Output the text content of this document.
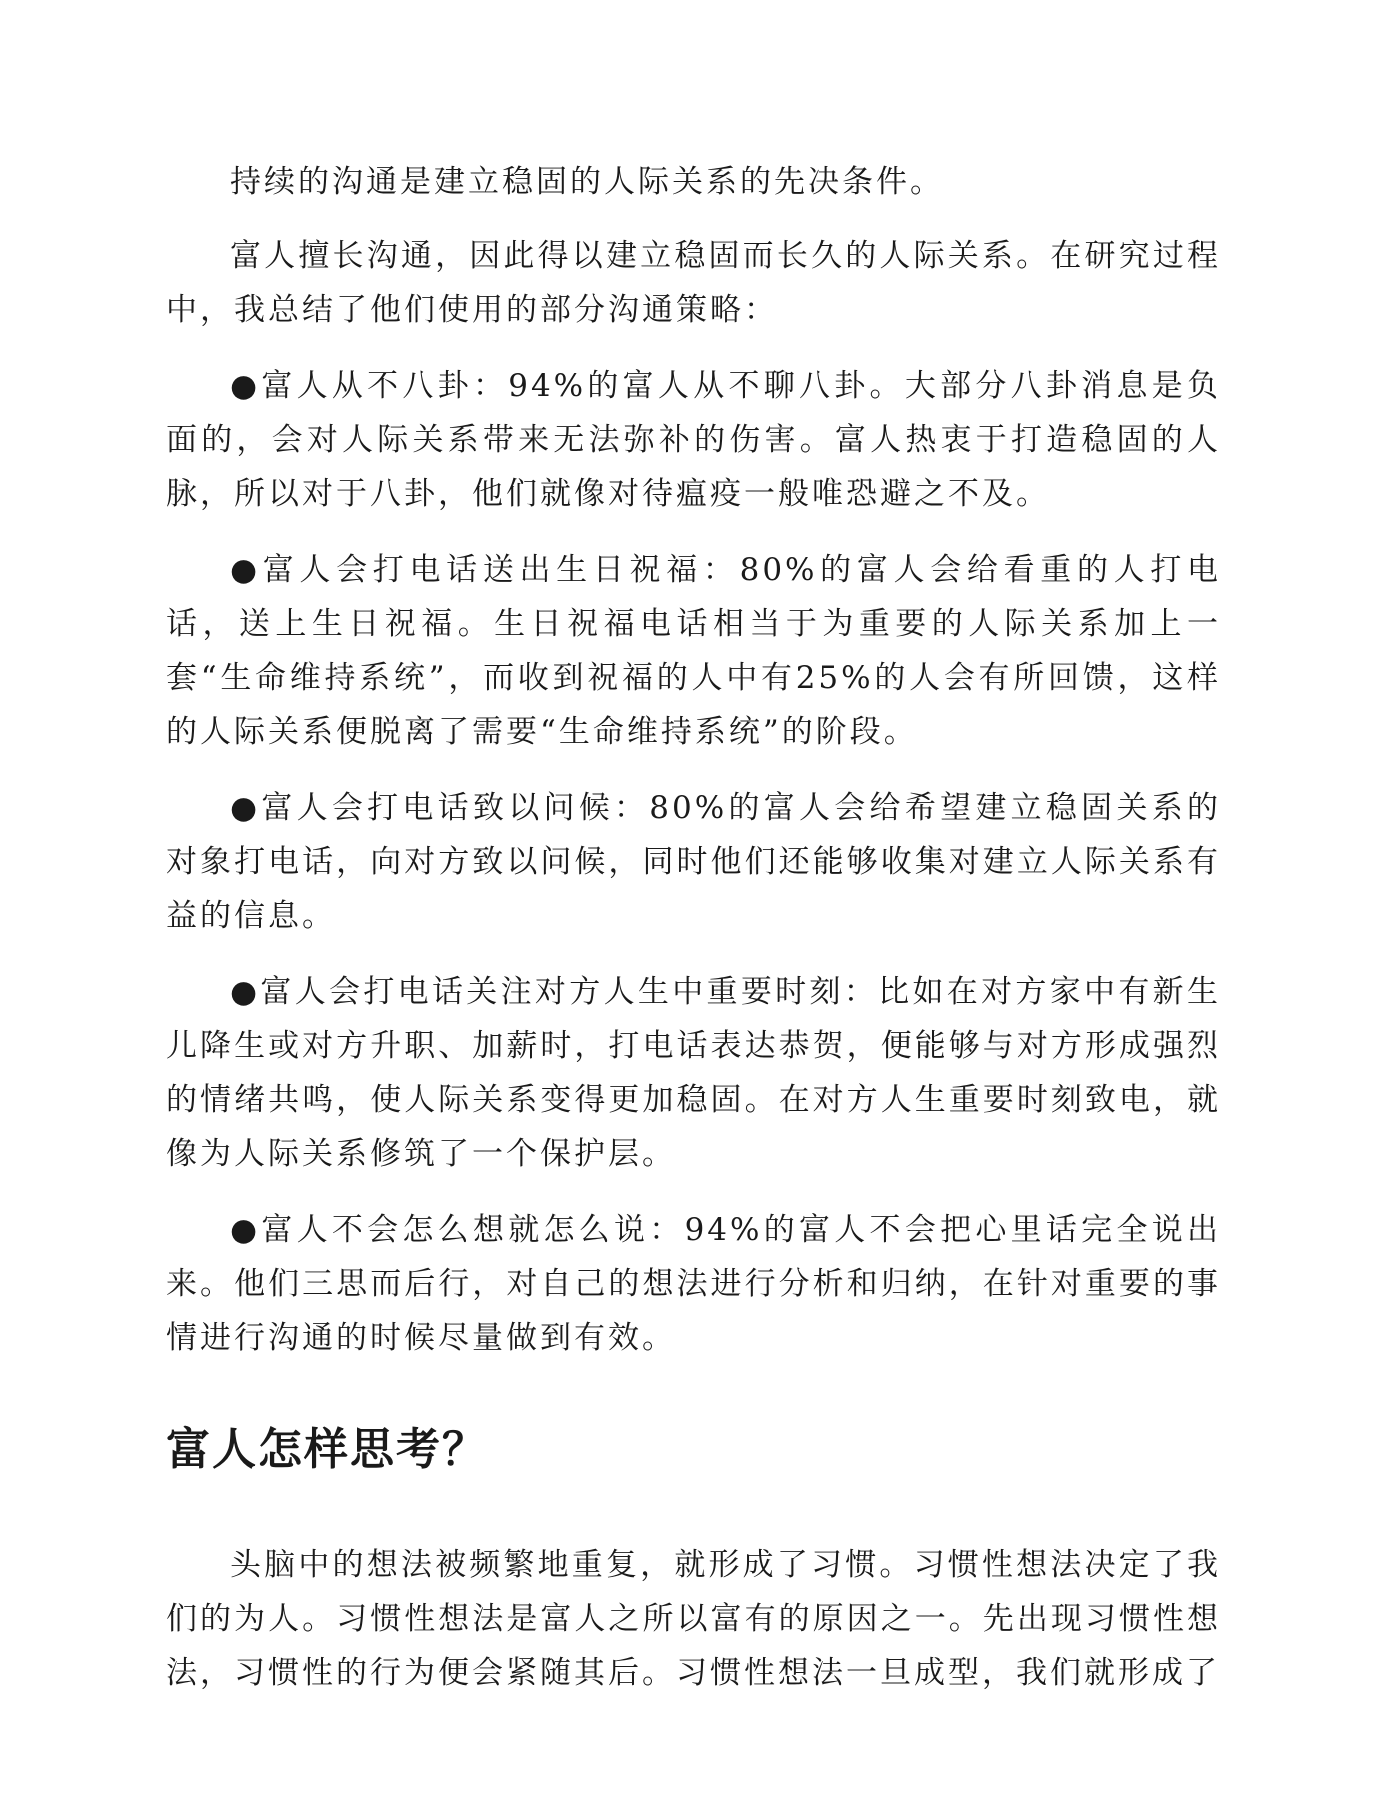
持续的沟通是建立稳固的人际关系的先决条件。

富人擅长沟通，因此得以建立稳固而长久的人际关系。在研究过程中，我总结了他们使用的部分沟通策略：

●富人从不八卦：94%的富人从不聊八卦。大部分八卦消息是负面的，会对人际关系带来无法弥补的伤害。富人热衷于打造稳固的人脉，所以对于八卦，他们就像对待瘟疫一般唯恐避之不及。

●富人会打电话送出生日祝福：80%的富人会给看重的人打电话，送上生日祝福。生日祝福电话相当于为重要的人际关系加上一套“生命维持系统”，而收到祝福的人中有25%的人会有所回馈，这样的人际关系便脱离了需要“生命维持系统”的阶段。

●富人会打电话致以问候：80%的富人会给希望建立稳固关系的对象打电话，向对方致以问候，同时他们还能够收集对建立人际关系有益的信息。

●富人会打电话关注对方人生中重要时刻：比如在对方家中有新生儿降生或对方升职、加薪时，打电话表达恭贺，便能够与对方形成强烈的情绪共鸣，使人际关系变得更加稳固。在对方人生重要时刻致电，就像为人际关系修筑了一个保护层。

●富人不会怎么想就怎么说：94%的富人不会把心里话完全说出来。他们三思而后行，对自己的想法进行分析和归纳，在针对重要的事情进行沟通的时候尽量做到有效。

富人怎样思考？

头脑中的想法被频繁地重复，就形成了习惯。习惯性想法决定了我们的为人。习惯性想法是富人之所以富有的原因之一。先出现习惯性想法，习惯性的行为便会紧随其后。习惯性想法一旦成型，我们就形成了
